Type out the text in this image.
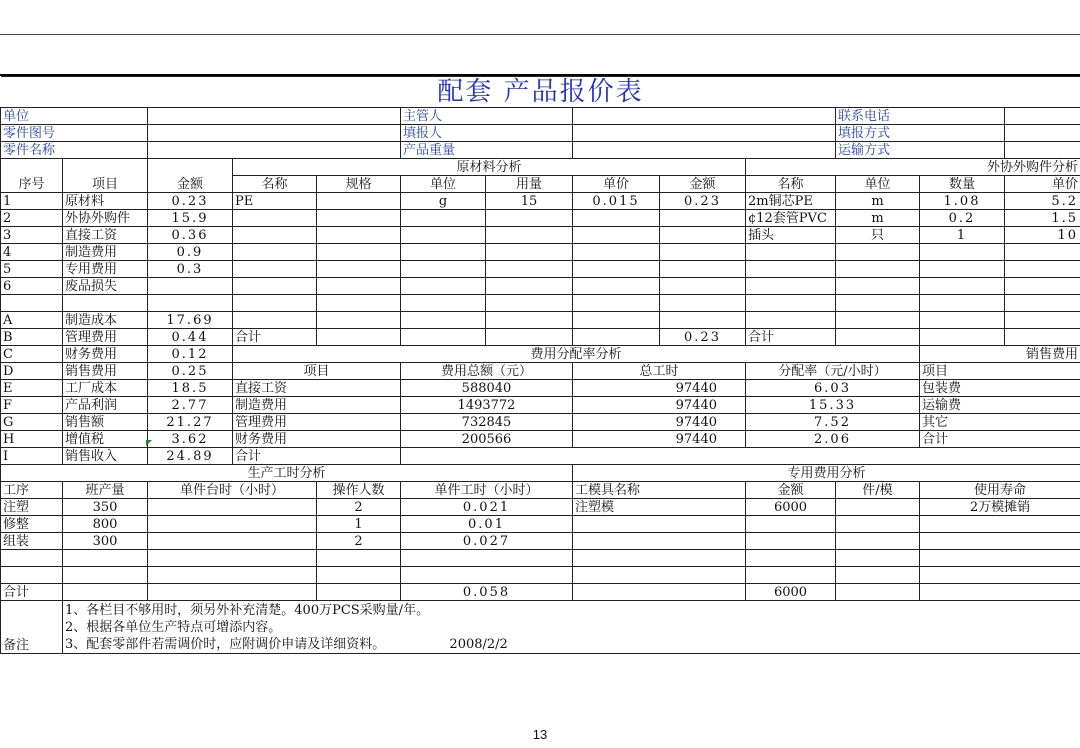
配套 产品报价表												
单位					主管人					联系电话		
零件图号					填报人					填报方式		
零件名称					产品重量					运输方式		
序号	项目	金额	原材料分析						外协外购件分析			
			名称	规格	单位	用量	单价	金额	名称	单位	数量	单价
1	原材料	0.23	PE		g	15	0.015	0.23	2m铜芯PE	m	1.08	5.2
2	外协外购件	15.9							¢12套管PVC	m	0.2	1.5
3	直接工资	0.36							插头	只	1	10
4	制造费用	0.9										
5	专用费用	0.3										
6	废品损失											

A	制造成本	17.69										
B	管理费用	0.44	合计					0.23	合计			
C	财务费用	0.12	费用分配率分析								销售费用	
D	销售费用	0.25	项目		费用总额（元）		总工时		分配率（元/小时）		项目	
E	工厂成本	18.5	直接工资		588040		97440		6.03		包装费	
F	产品利润	2.77	制造费用		1493772		97440		15.33		运输费	
G	销售额	21.27	管理费用		732845		97440		7.52		其它	
H	增值税	3.62	财务费用		200566		97440		2.06		合计	
I	销售收入	24.89	合计									
生产工时分析							专用费用分析					
工序	班产量	单件台时（小时）		操作人数	单件工时（小时）		工模具名称		金额	件/模	使用寿命	
注塑	350			2	0.021		注塑模		6000		2万模摊销	
修整	800			1	0.01							
组装	300			2	0.027							

合计					0.058				6000			
备注	1、各栏目不够用时，须另外补充清楚。400万PCS采购量/年。
2、根据各单位生产特点可增添内容。
3、配套零部件若需调价时，应附调价申请及详细资料。 2008/2/2											
13
